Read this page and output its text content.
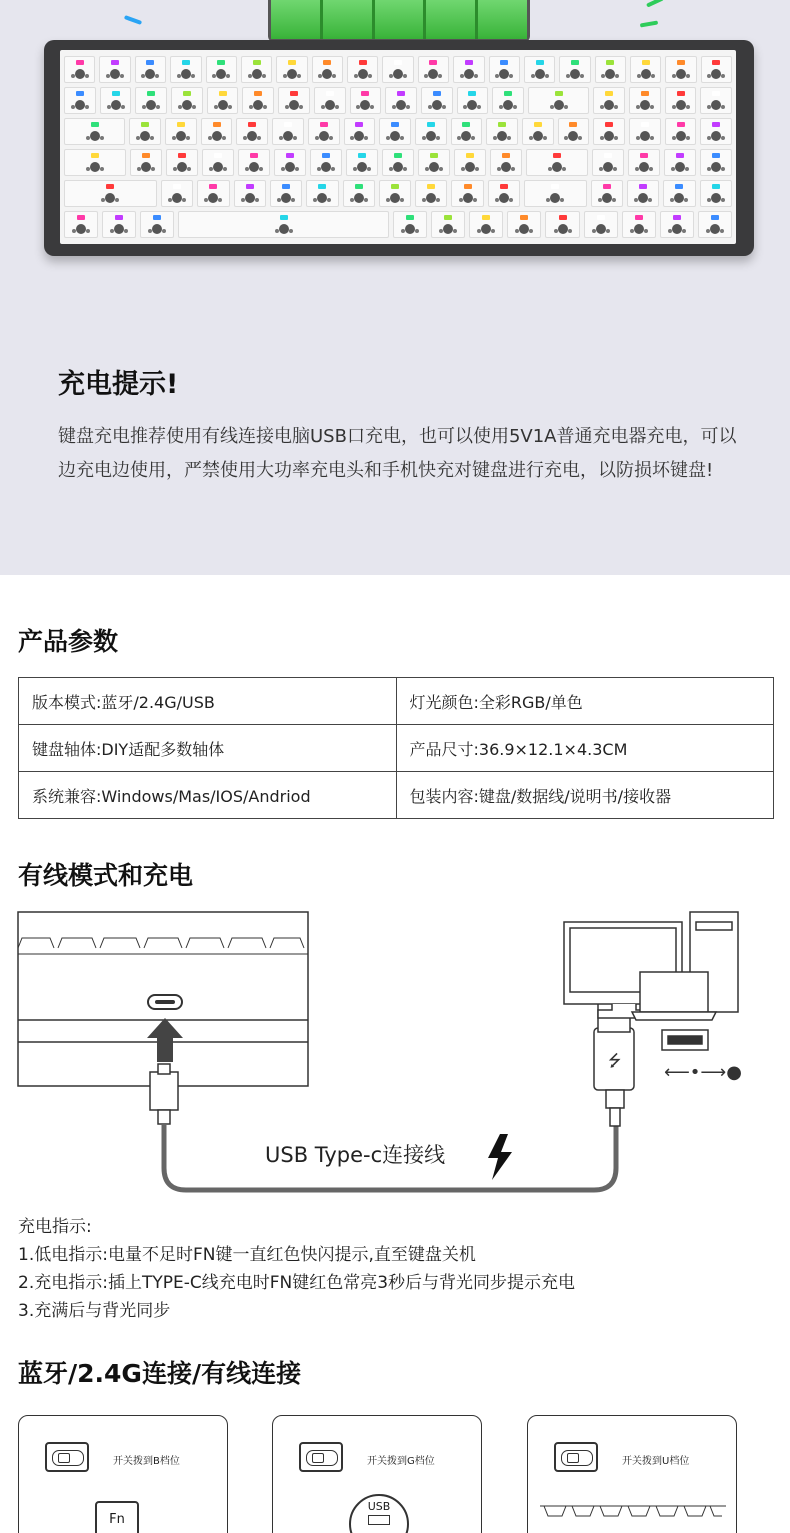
充电提示!
键盘充电推荐使用有线连接电脑USB口充电，也可以使用5V1A普通充电器充电，可以边充电边使用，严禁使用大功率充电头和手机快充对键盘进行充电，以防损坏键盘!
产品参数
版本模式:蓝牙/2.4G/USB	灯光颜色:全彩RGB/单色
键盘轴体:DIY适配多数轴体	产品尺寸:36.9×12.1×4.3CM
系统兼容:Windows/Mas/IOS/Andriod	包装内容:键盘/数据线/说明书/接收器
有线模式和充电
⭍
⟵•⟶●
USB Type-c连接线
充电指示:
1.低电指示:电量不足时FN键一直红色快闪提示,直至键盘关机
2.充电指示:插上TYPE-C线充电时FN键红色常亮3秒后与背光同步提示充电
3.充满后与背光同步
蓝牙/2.4G连接/有线连接
开关拨到B档位
Fn
开关拨到G档位
USB
开关拨到U档位
